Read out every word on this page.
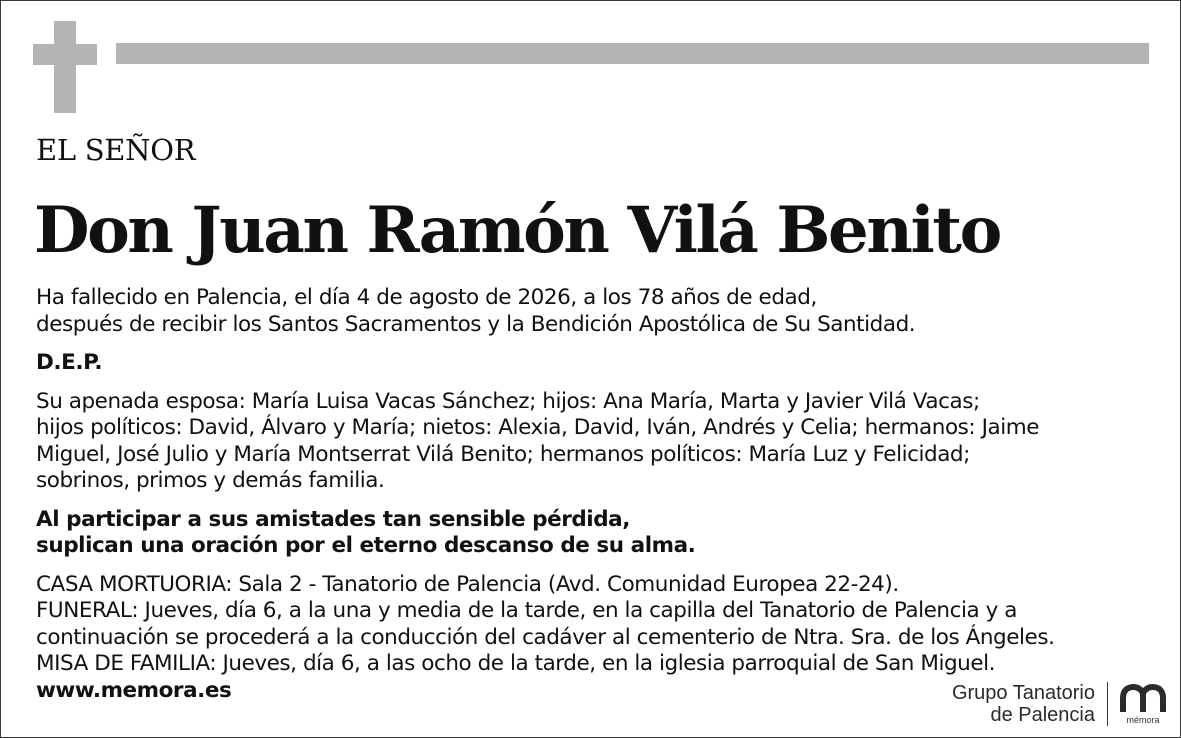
EL SEÑOR

Don Juan Ramón Vilá Benito

Ha fallecido en Palencia, el día 4 de agosto de 2026, a los 78 años de edad,
después de recibir los Santos Sacramentos y la Bendición Apostólica de Su Santidad.

D.E.P.

Su apenada esposa: María Luisa Vacas Sánchez; hijos: Ana María, Marta y Javier Vilá Vacas;
hijos políticos: David, Álvaro y María; nietos: Alexia, David, Iván, Andrés y Celia; hermanos: Jaime
Miguel, José Julio y María Montserrat Vilá Benito; hermanos políticos: María Luz y Felicidad;
sobrinos, primos y demás familia.

Al participar a sus amistades tan sensible pérdida,
suplican una oración por el eterno descanso de su alma.

CASA MORTUORIA: Sala 2 - Tanatorio de Palencia (Avd. Comunidad Europea 22-24).
FUNERAL: Jueves, día 6, a la una y media de la tarde, en la capilla del Tanatorio de Palencia y a
continuación se procederá a la conducción del cadáver al cementerio de Ntra. Sra. de los Ángeles.
MISA DE FAMILIA: Jueves, día 6, a las ocho de la tarde, en la iglesia parroquial de San Miguel.

www.memora.es	Grupo Tanatorio
de Palencia	mémora
